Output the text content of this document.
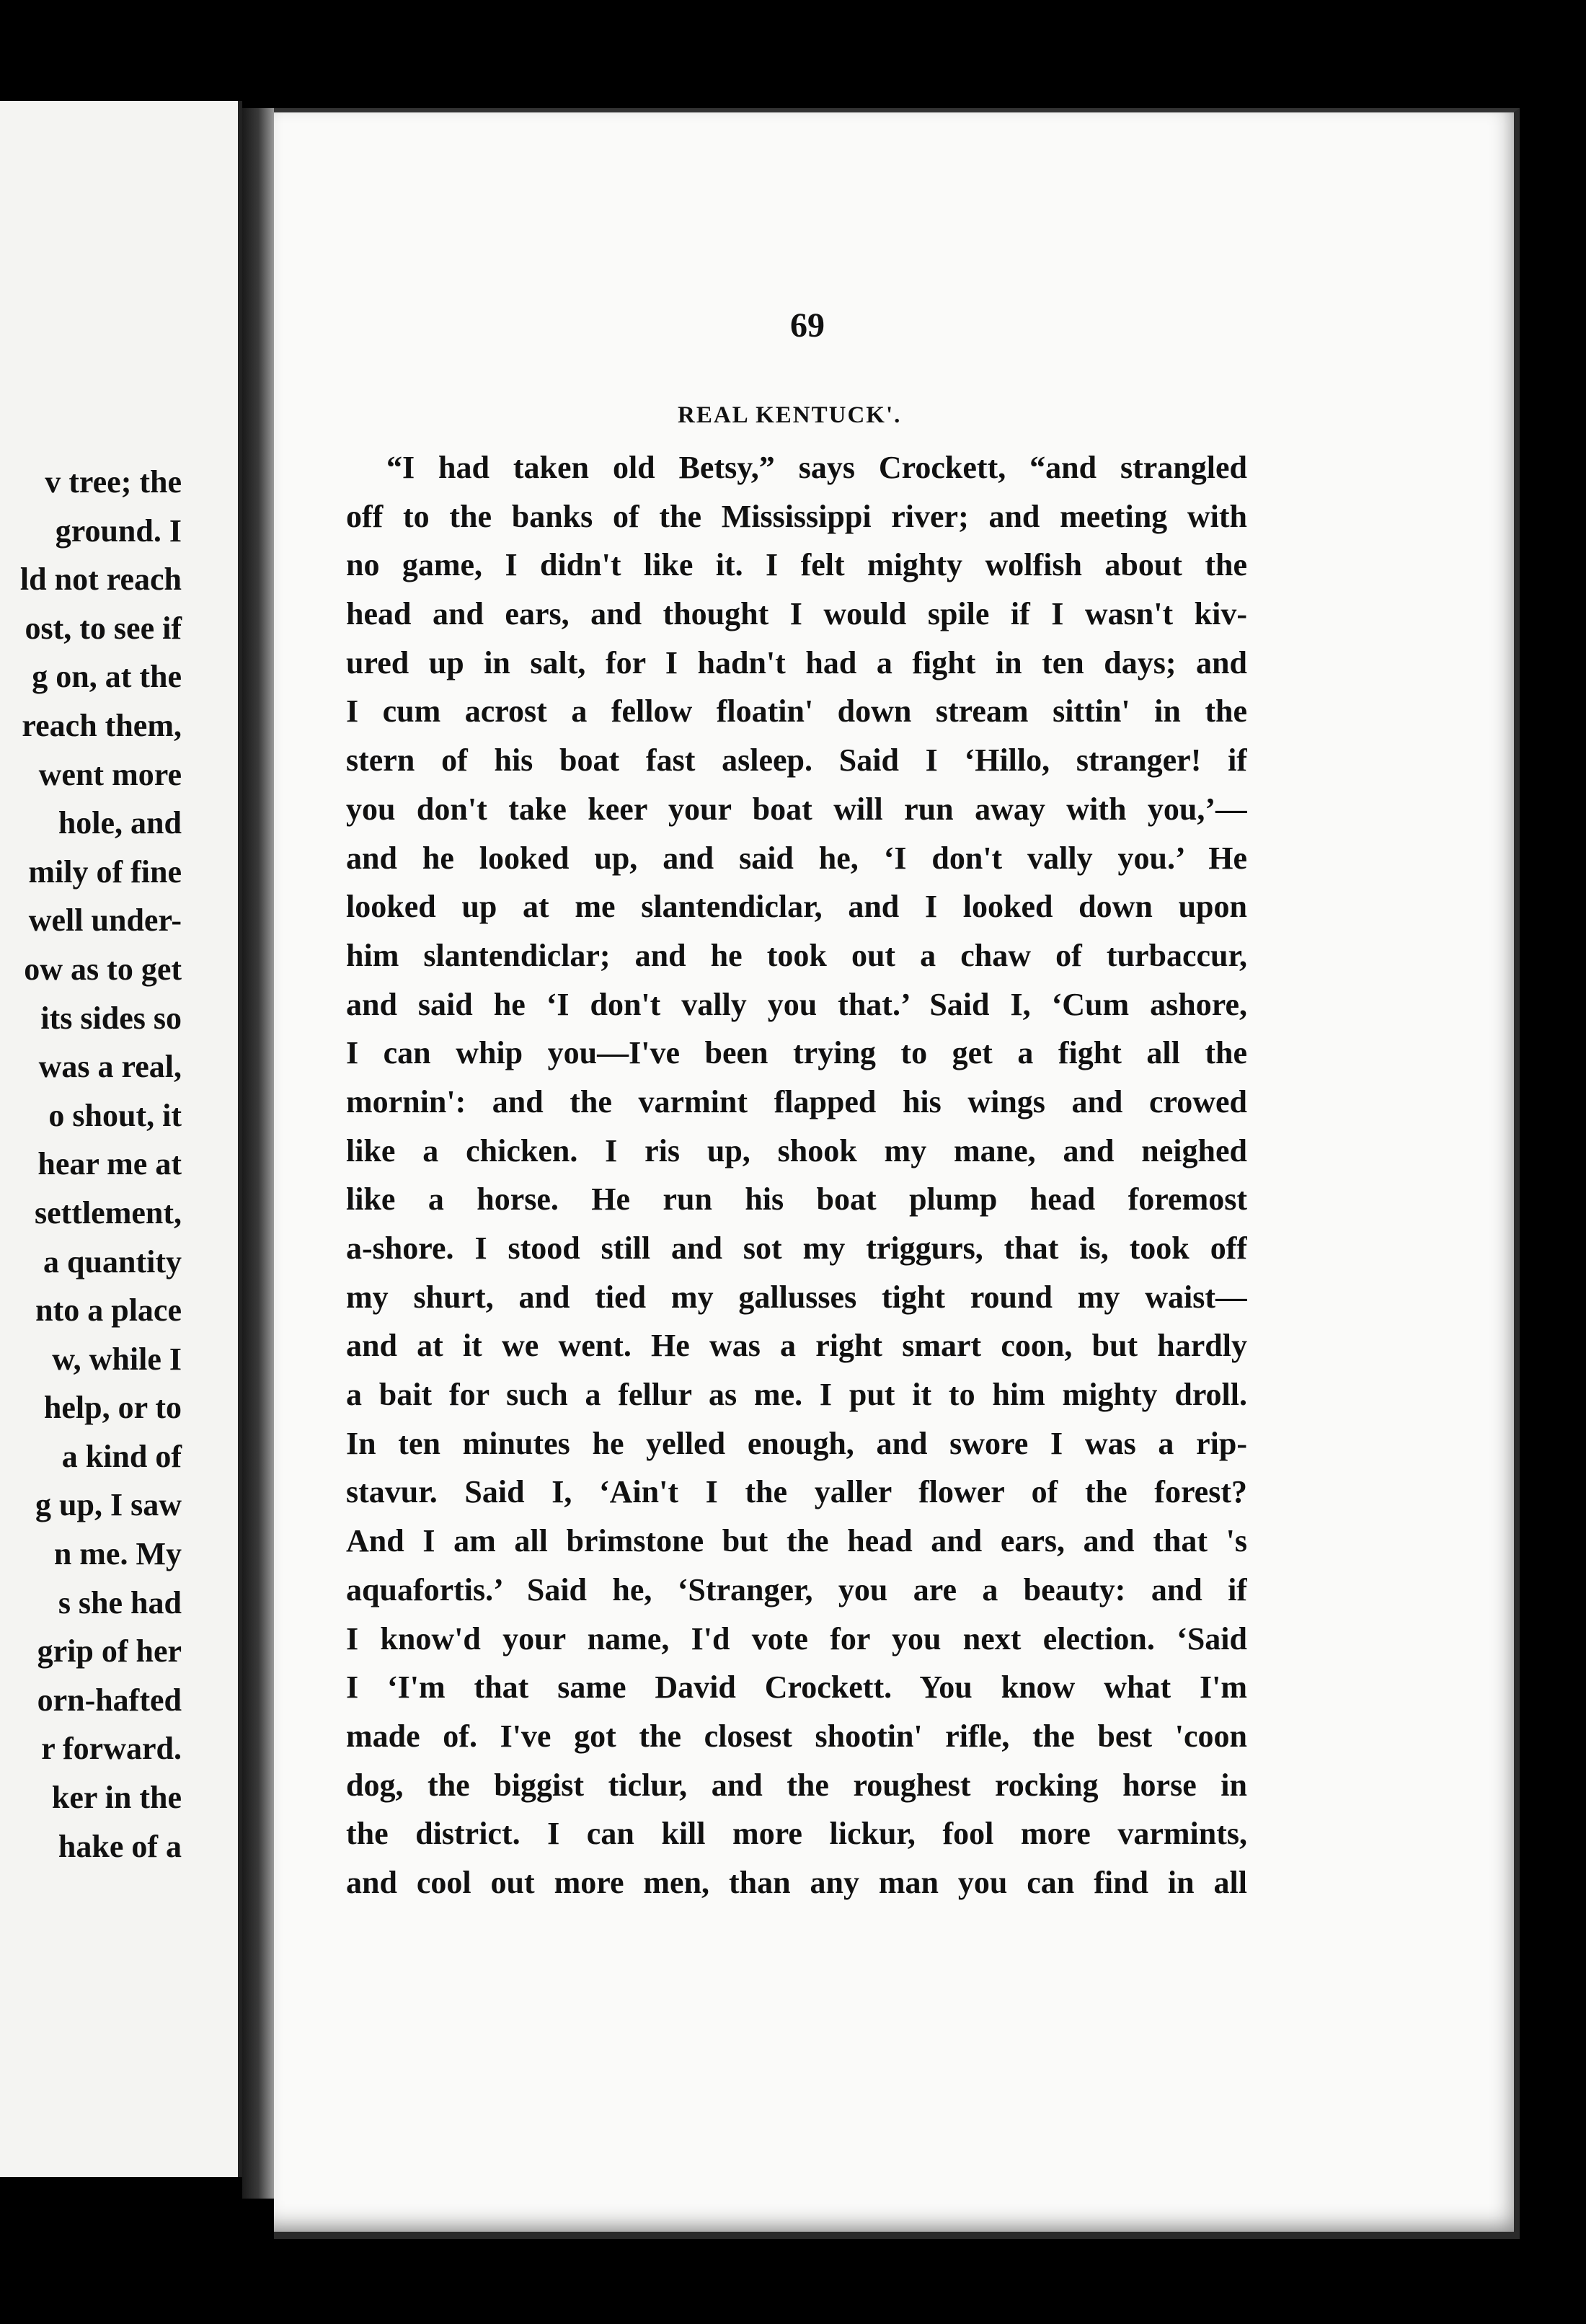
v tree; the
ground. I
ld not reach
ost, to see if
g on, at the
reach them,
went more
hole, and
mily of fine
well under-
ow as to get
its sides so
was a real,
o shout, it
hear me at
settlement,
a quantity
nto a place
w, while I
help, or to
a kind of
g up, I saw
n me. My
s she had
grip of her
orn-hafted
r forward.
ker in the
hake of a
69
REAL KENTUCK'.
“I had taken old Betsy,” says Crockett, “and strangled
off to the banks of the Mississippi river; and meeting with
no game, I didn't like it. I felt mighty wolfish about the
head and ears, and thought I would spile if I wasn't kiv-
ured up in salt, for I hadn't had a fight in ten days; and
I cum acrost a fellow floatin' down stream sittin' in the
stern of his boat fast asleep. Said I ‘Hillo, stranger! if
you don't take keer your boat will run away with you,’—
and he looked up, and said he, ‘I don't vally you.’ He
looked up at me slantendiclar, and I looked down upon
him slantendiclar; and he took out a chaw of turbaccur,
and said he ‘I don't vally you that.’ Said I, ‘Cum ashore,
I can whip you—I've been trying to get a fight all the
mornin': and the varmint flapped his wings and crowed
like a chicken. I ris up, shook my mane, and neighed
like a horse. He run his boat plump head foremost
a-shore. I stood still and sot my triggurs, that is, took off
my shurt, and tied my gallusses tight round my waist—
and at it we went. He was a right smart coon, but hardly
a bait for such a fellur as me. I put it to him mighty droll.
In ten minutes he yelled enough, and swore I was a rip-
stavur. Said I, ‘Ain't I the yaller flower of the forest?
And I am all brimstone but the head and ears, and that 's
aquafortis.’ Said he, ‘Stranger, you are a beauty: and if
I know'd your name, I'd vote for you next election. ‘Said
I ‘I'm that same David Crockett. You know what I'm
made of. I've got the closest shootin' rifle, the best 'coon
dog, the biggist ticlur, and the roughest rocking horse in
the district. I can kill more lickur, fool more varmints,
and cool out more men, than any man you can find in all
